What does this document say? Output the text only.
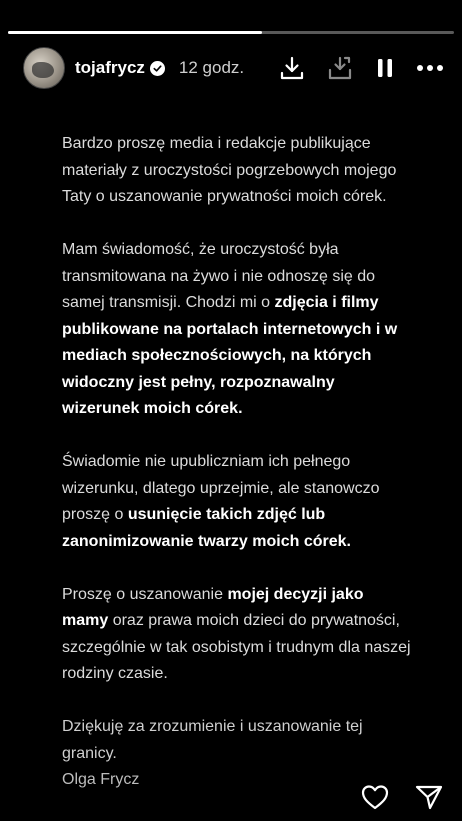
tojafrycz 12 godz.

Bardzo proszę media i redakcje publikujące materiały z uroczystości pogrzebowych mojego Taty o uszanowanie prywatności moich córek.

Mam świadomość, że uroczystość była transmitowana na żywo i nie odnoszę się do samej transmisji. Chodzi mi o zdjęcia i filmy publikowane na portalach internetowych i w mediach społecznościowych, na których widoczny jest pełny, rozpoznawalny wizerunek moich córek.

Świadomie nie upubliczniam ich pełnego wizerunku, dlatego uprzejmie, ale stanowczo proszę o usunięcie takich zdjęć lub zanonimizowanie twarzy moich córek.

Proszę o uszanowanie mojej decyzji jako mamy oraz prawa moich dzieci do prywatności, szczególnie w tak osobistym i trudnym dla naszej rodziny czasie.

Dziękuję za zrozumienie i uszanowanie tej granicy.

Olga Frycz
